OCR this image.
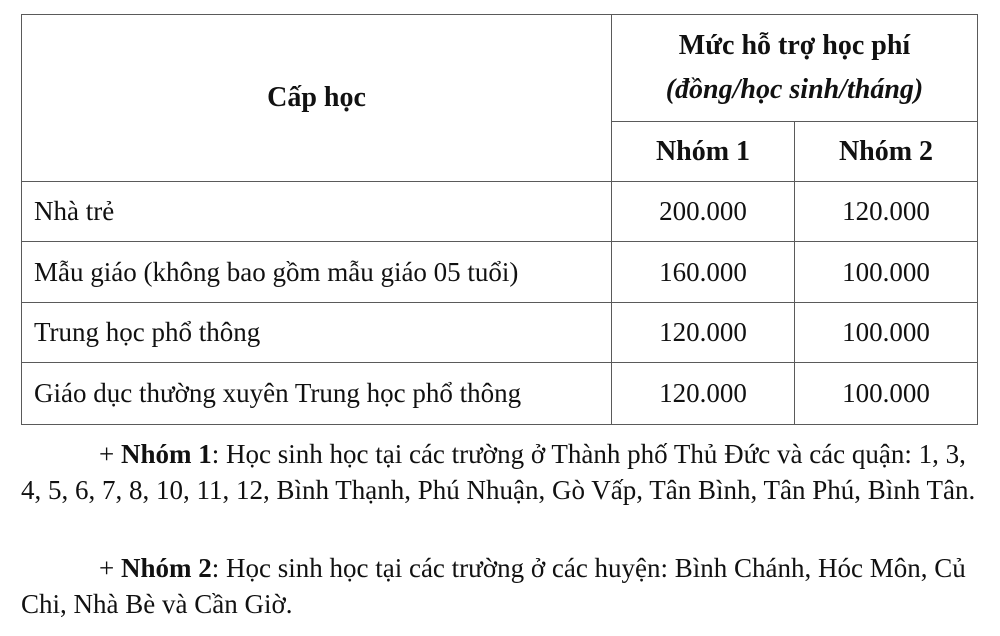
Cấp học	Mức hỗ trợ học phí
(đồng/học sinh/tháng)	

	Nhóm 1	Nhóm 2
Nhà trẻ	200.000	120.000
Mẫu giáo (không bao gồm mẫu giáo 05 tuổi)	160.000	100.000
Trung học phổ thông	120.000	100.000
Giáo dục thường xuyên Trung học phổ thông	120.000	100.000

+ Nhóm 1: Học sinh học tại các trường ở Thành phố Thủ Đức và các quận: 1, 3, 4, 5, 6, 7, 8, 10, 11, 12, Bình Thạnh, Phú Nhuận, Gò Vấp, Tân Bình, Tân Phú, Bình Tân.

+ Nhóm 2: Học sinh học tại các trường ở các huyện: Bình Chánh, Hóc Môn, Củ Chi, Nhà Bè và Cần Giờ.
